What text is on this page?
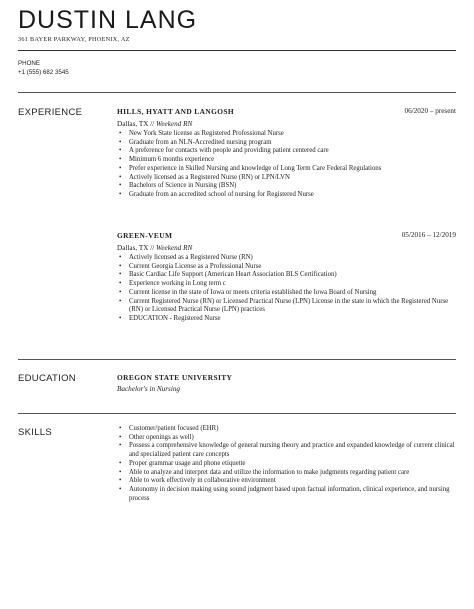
DUSTIN LANG
361 BAYER PARKWAY, PHOENIX, AZ
PHONE
+1 (555) 682 3545
EXPERIENCE	HILLS, HYATT AND LANGOSH	06/2020 – present
Dallas, TX // Weekend RN
• New York State license as Registered Professional Nurse
• Graduate from an NLN-Accredited nursing program
• A preference for contacts with people and providing patient centered care
• Minimum 6 months experience
• Prefer experience in Skilled Nursing and knowledge of Long Term Care Federal Regulations
• Actively licensed as a Registered Nurse (RN) or LPN/LVN
• Bachelors of Science in Nursing (BSN)
• Graduate from an accredited school of nursing for Registered Nurse
GREEN-VEUM	05/2016 – 12/2019
Dallas, TX // Weekend RN
• Actively licensed as a Registered Nurse (RN)
• Current Georgia License as a Professional Nurse
• Basic Cardiac Life Support (American Heart Association BLS Certification)
• Experience working in Long term c
• Current license in the state of Iowa or meets criteria established the Iowa Board of Nursing
• Current Registered Nurse (RN) or Licensed Practical Nurse (LPN) License in the state in which the Registered Nurse (RN) or Licensed Practical Nurse (LPN) practices
• EDUCATION - Registered Nurse
EDUCATION	OREGON STATE UNIVERSITY
Bachelor's in Nursing
SKILLS
•	Customer/patient focused (EHR)
• Other openings as well)
• Possess a comprehensive knowledge of general nursing theory and practice and expanded knowledge of current clinical and specialized patient care concepts
• Proper grammar usage and phone etiquette
• Able to analyze and interpret data and utilize the information to make judgments regarding patient care
• Able to work effectively in collaborative environment
• Autonomy in decision making using sound judgment based upon factual information, clinical experience, and nursing process
